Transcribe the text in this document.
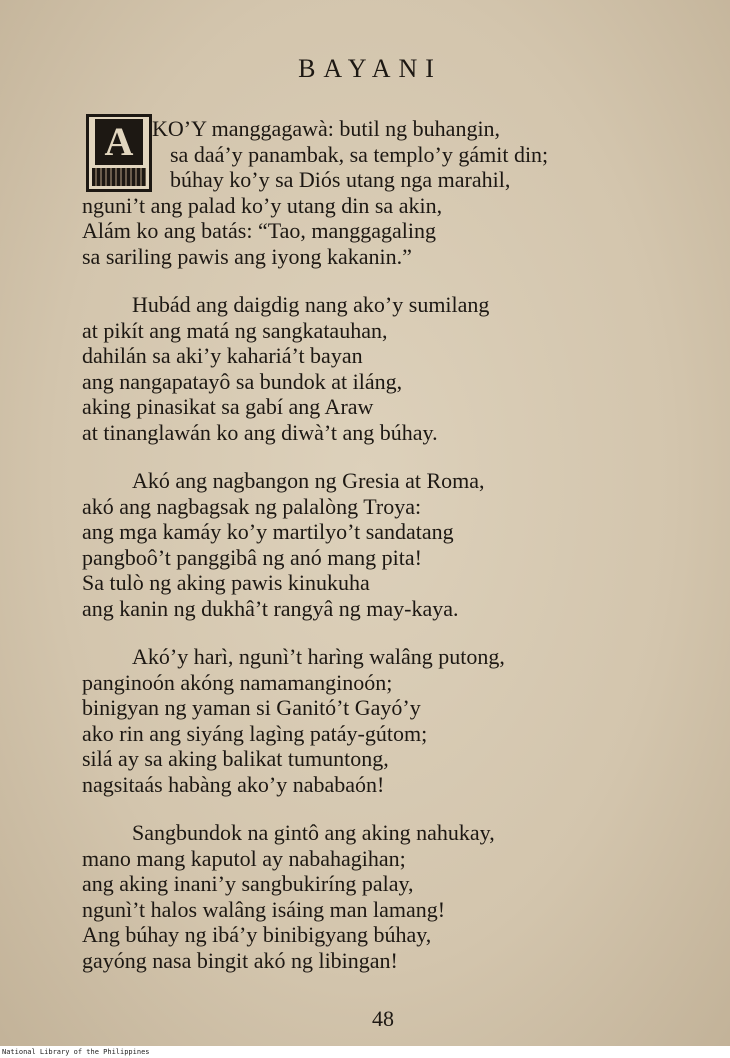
BAYANI
A KO’Y manggagawà: butil ng buhangin,
sa daá’y panambak, sa templo’y gámit din;
búhay ko’y sa Diós utang nga marahil,
nguni’t ang palad ko’y utang din sa akin,
Alám ko ang batás: “Tao, manggagaling
sa sariling pawis ang iyong kakanin.”
Hubád ang daigdig nang ako’y sumilang
at pikít ang matá ng sangkatauhan,
dahilán sa aki’y kahariá’t bayan
ang nangapatayô sa bundok at iláng,
aking pinasikat sa gabí ang Araw
at tinanglawán ko ang diwà’t ang búhay.
Akó ang nagbangon ng Gresia at Roma,
akó ang nagbagsak ng palalòng Troya:
ang mga kamáy ko’y martilyo’t sandatang
pangboô’t panggibâ ng anó mang pita!
Sa tulò ng aking pawis kinukuha
ang kanin ng dukhâ’t rangyâ ng may-kaya.
Akó’y harì, ngunì’t harìng walâng putong,
panginoón akóng namamanginoón;
binigyan ng yaman si Ganitó’t Gayó’y
ako rin ang siyáng lagìng patáy-gútom;
silá ay sa aking balikat tumuntong,
nagsitaás habàng ako’y nababaón!
Sangbundok na gintô ang aking nahukay,
mano mang kaputol ay nabahagihan;
ang aking inani’y sangbukiríng palay,
ngunì’t halos walâng isáing man lamang!
Ang búhay ng ibá’y binibigyang búhay,
gayóng nasa bingit akó ng libingan!
48
National Library of the Philippines
